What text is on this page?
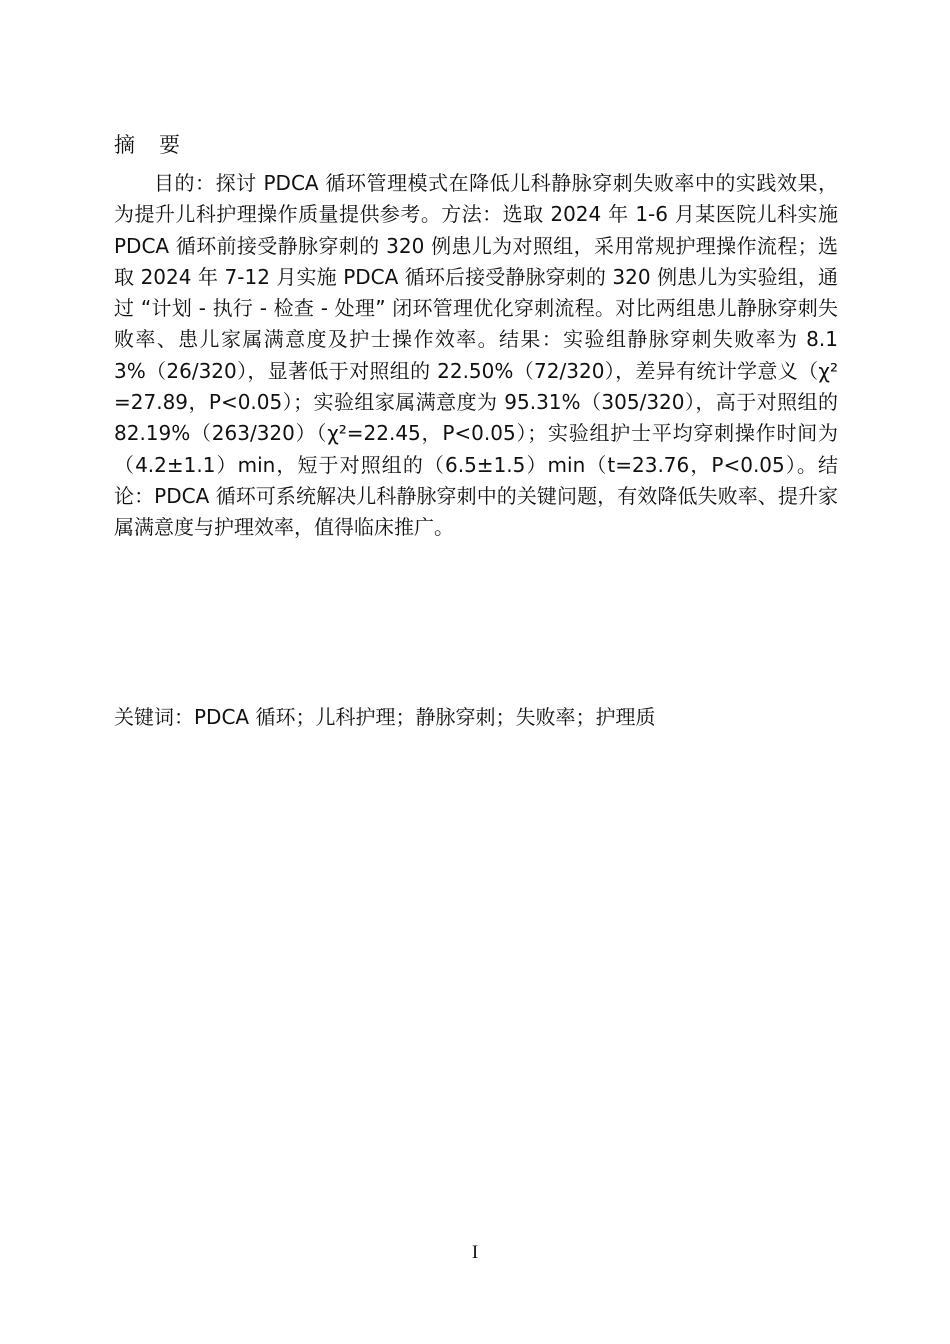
摘要

目的：探讨 PDCA 循环管理模式在降低儿科静脉穿刺失败率中的实践效果，为提升儿科护理操作质量提供参考。方法：选取 2024 年 1-6 月某医院儿科实施 PDCA 循环前接受静脉穿刺的 320 例患儿为对照组，采用常规护理操作流程；选取 2024 年 7-12 月实施 PDCA 循环后接受静脉穿刺的 320 例患儿为实验组，通过 “计划 - 执行 - 检查 - 处理” 闭环管理优化穿刺流程。对比两组患儿静脉穿刺失败率、患儿家属满意度及护士操作效率。结果：实验组静脉穿刺失败率为 8.13%（26/320），显著低于对照组的 22.50%（72/320），差异有统计学意义（χ²=27.89，P<0.05）；实验组家属满意度为 95.31%（305/320），高于对照组的 82.19%（263/320）（χ²=22.45，P<0.05）；实验组护士平均穿刺操作时间为（4.2±1.1）min，短于对照组的（6.5±1.5）min（t=23.76，P<0.05）。结论：PDCA 循环可系统解决儿科静脉穿刺中的关键问题，有效降低失败率、提升家属满意度与护理效率，值得临床推广。

关键词：PDCA 循环；儿科护理；静脉穿刺；失败率；护理质
I
